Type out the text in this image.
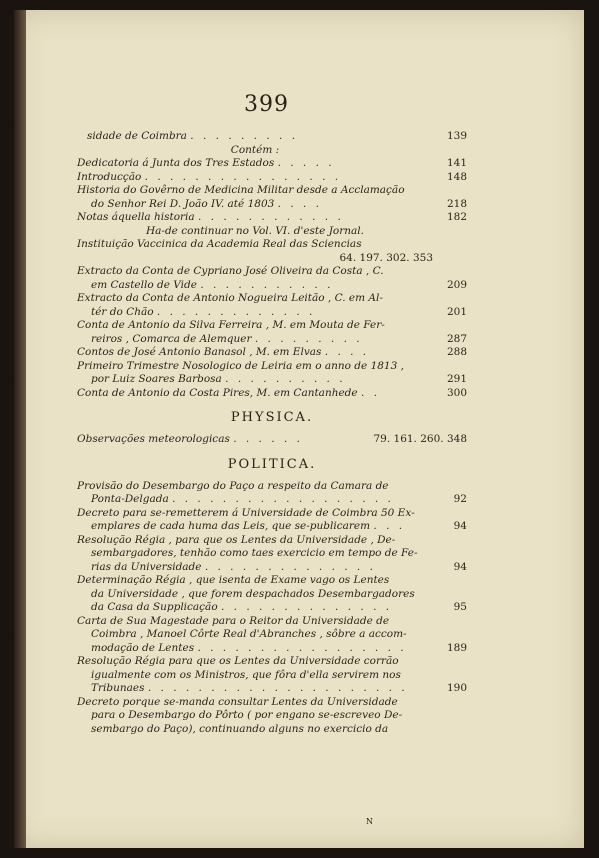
399
sidade de Coimbra . . . . . . . . .	139
Contém :
Dedicatoria á Junta dos Tres Estados . . . . .	141
Introducção . . . . . . . . . . . . . . . .	148
Historia do Govêrno de Medicina Militar desde a Acclamação
do Senhor Rei D. João IV. até 1803 . . . .	218
Notas áquella historia . . . . . . . . . . . .	182
Ha-de continuar no Vol. VI. d'este Jornal.
Instituição Vaccinica da Academia Real das Sciencias
64. 197. 302. 353
Extracto da Conta de Cypriano José Oliveira da Costa , C.
em Castello de Vide . . . . . . . . . . .	209
Extracto da Conta de Antonio Nogueira Leitão , C. em Al-
tér do Chão . . . . . . . . . . . . .	201
Conta de Antonio da Silva Ferreira , M. em Mouta de Fer-
reiros , Comarca de Alemquer . . . . . . . . .	287
Contos de José Antonio Banasol , M. em Elvas . . . .	288
Primeiro Trimestre Nosologico de Leiria em o anno de 1813 ,
por Luiz Soares Barbosa . . . . . . . . . .	291
Conta de Antonio da Costa Pires, M. em Cantanhede . .	300
PHYSICA.
Observações meteorologicas . . . . . .	79. 161. 260. 348
POLITICA.
Provisão do Desembargo do Paço a respeito da Camara de
Ponta-Delgada . . . . . . . . . . . . . . . . . .	92
Decreto para se-remetterem á Universidade de Coimbra 50 Ex-
emplares de cada huma das Leis, que se-publicarem . . .	94
Resolução Régia , para que os Lentes da Universidade , De-
sembargadores, tenhão como taes exercicio em tempo de Fe-
rias da Universidade . . . . . . . . . . . . . .	94
Determinação Régia , que isenta de Exame vago os Lentes
da Universidade , que forem despachados Desembargadores
da Casa da Supplicação . . . . . . . . . . . . . .	95
Carta de Sua Magestade para o Reitor da Universidade de
Coimbra , Manoel Côrte Real d'Abranches , sôbre a accom-
modação de Lentes . . . . . . . . . . . . . . . . .	189
Resolução Régia para que os Lentes da Universidade corrão
igualmente com os Ministros, que fôra d'ella servirem nos
Tribunaes . . . . . . . . . . . . . . . . . . . . .	190
Decreto porque se-manda consultar Lentes da Universidade
para o Desembargo do Pôrto ( por engano se-escreveo De-
sembargo do Paço), continuando alguns no exercicio da
N
